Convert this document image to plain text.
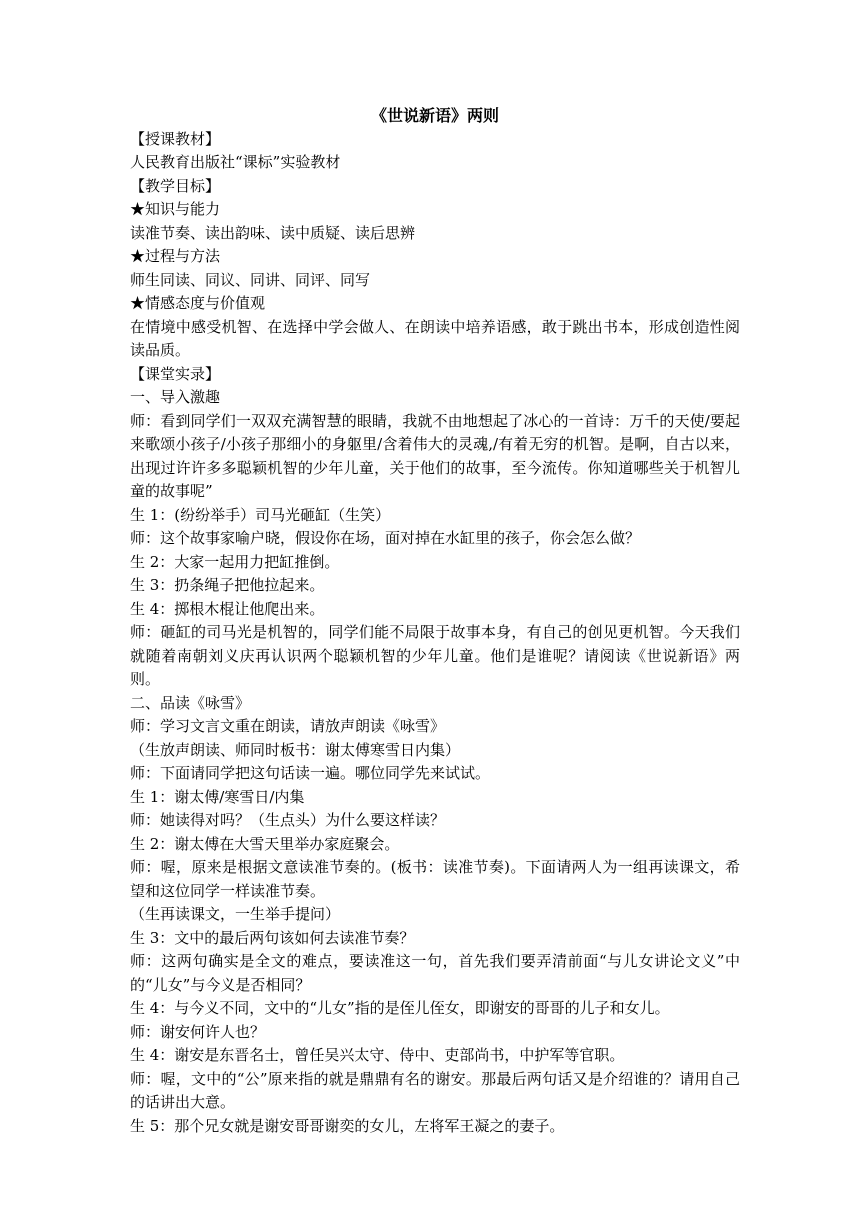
《世说新语》两则

【授课教材】

人民教育出版社“课标”实验教材

【教学目标】

★知识与能力

读准节奏、读出韵味、读中质疑、读后思辨

★过程与方法

师生同读、同议、同讲、同评、同写

★情感态度与价值观

在情境中感受机智、在选择中学会做人、在朗读中培养语感，敢于跳出书本，形成创造性阅读品质。

【课堂实录】

一、导入激趣

师：看到同学们一双双充满智慧的眼睛，我就不由地想起了冰心的一首诗：万千的天使/要起来歌颂小孩子/小孩子那细小的身躯里/含着伟大的灵魂,/有着无穷的机智。是啊，自古以来，出现过许许多多聪颖机智的少年儿童，关于他们的故事，至今流传。你知道哪些关于机智儿童的故事呢”

生 1：(纷纷举手）司马光砸缸（生笑）

师：这个故事家喻户晓，假设你在场，面对掉在水缸里的孩子，你会怎么做？

生 2：大家一起用力把缸推倒。

生 3：扔条绳子把他拉起来。

生 4：掷根木棍让他爬出来。

师：砸缸的司马光是机智的，同学们能不局限于故事本身，有自己的创见更机智。今天我们就随着南朝刘义庆再认识两个聪颖机智的少年儿童。他们是谁呢？请阅读《世说新语》两则。

二、品读《咏雪》

师：学习文言文重在朗读，请放声朗读《咏雪》

（生放声朗读、师同时板书：谢太傅寒雪日内集）

师：下面请同学把这句话读一遍。哪位同学先来试试。

生 1：谢太傅/寒雪日/内集

师：她读得对吗？（生点头）为什么要这样读？

生 2：谢太傅在大雪天里举办家庭聚会。

师：喔，原来是根据文意读准节奏的。(板书：读准节奏)。下面请两人为一组再读课文，希望和这位同学一样读准节奏。

（生再读课文，一生举手提问）

生 3：文中的最后两句该如何去读准节奏？

师：这两句确实是全文的难点，要读准这一句，首先我们要弄清前面“与儿女讲论文义”中的“儿女”与今义是否相同？

生 4：与今义不同，文中的“儿女”指的是侄儿侄女，即谢安的哥哥的儿子和女儿。

师：谢安何许人也？

生 4：谢安是东晋名士，曾任吴兴太守、侍中、吏部尚书，中护军等官职。

师：喔，文中的“公”原来指的就是鼎鼎有名的谢安。那最后两句话又是介绍谁的？请用自己的话讲出大意。

生 5：那个兄女就是谢安哥哥谢奕的女儿，左将军王凝之的妻子。
